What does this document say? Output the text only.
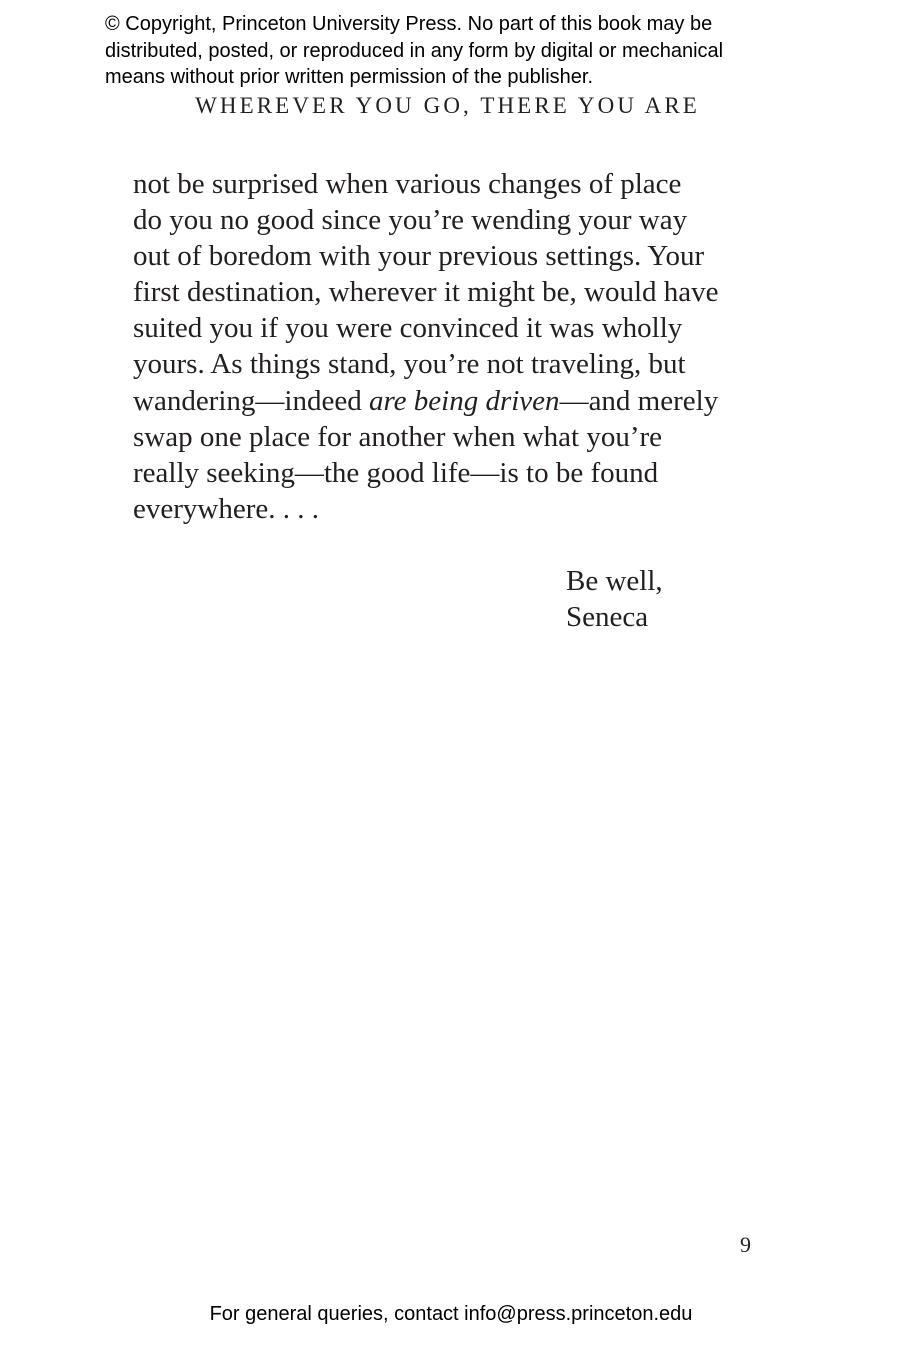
© Copyright, Princeton University Press. No part of this book may be
distributed, posted, or reproduced in any form by digital or mechanical
means without prior written permission of the publisher.
WHEREVER YOU GO, THERE YOU ARE
not be surprised when various changes of place
do you no good since you’re wending your way
out of boredom with your previous settings. Your
first destination, wherever it might be, would have
suited you if you were convinced it was wholly
yours. As things stand, you’re not traveling, but
wandering—indeed are being driven—and merely
swap one place for another when what you’re
really seeking—the good life—is to be found
everywhere. . . .
Be well,
Seneca
9
For general queries, contact info@press.princeton.edu
